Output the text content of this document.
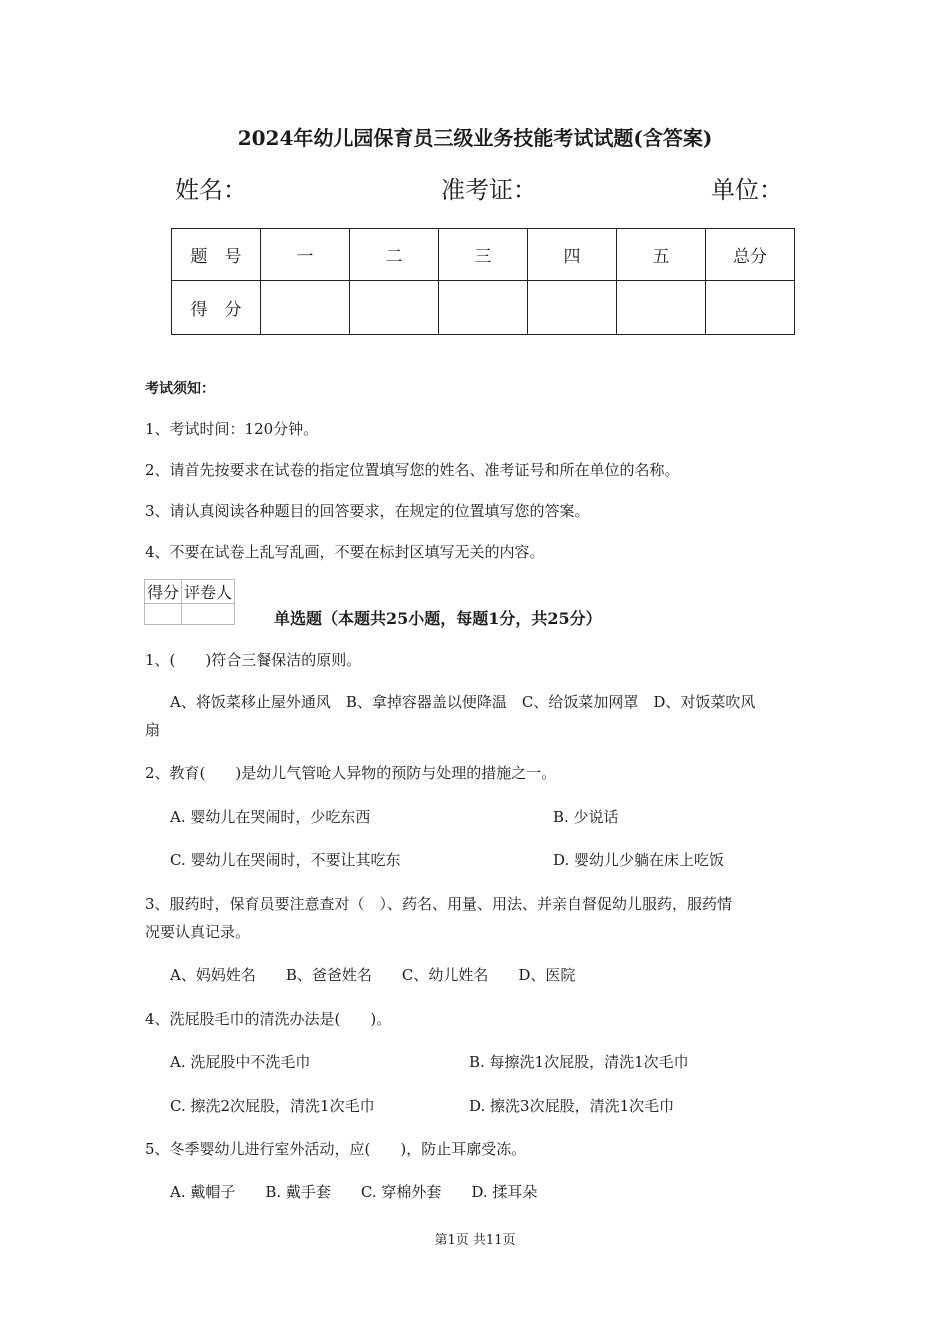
2024年幼儿园保育员三级业务技能考试试题(含答案)
姓名：	准考证：	单位：
题　号	一	二	三	四	五	总分
得　分						
考试须知：
1、考试时间：120分钟。
2、请首先按要求在试卷的指定位置填写您的姓名、准考证号和所在单位的名称。
3、请认真阅读各种题目的回答要求，在规定的位置填写您的答案。
4、不要在试卷上乱写乱画，不要在标封区填写无关的内容。
得分	评卷人

单选题（本题共25小题，每题1分，共25分）
1、(　　)符合三餐保洁的原则。
A、将饭菜移止屋外通风　B、拿掉容器盖以便降温　C、给饭菜加网罩　D、对饭菜吹风
扇
2、教育(　　)是幼儿气管呛人异物的预防与处理的措施之一。
A. 婴幼儿在哭闹时，少吃东西	B. 少说话
C. 婴幼儿在哭闹时，不要让其吃东	D. 婴幼儿少躺在床上吃饭
3、服药时，保育员要注意查对（　）、药名、用量、用法、并亲自督促幼儿服药，服药情
况要认真记录。
A、妈妈姓名　　B、爸爸姓名　　C、幼儿姓名　　D、医院
4、洗屁股毛巾的清洗办法是(　　)。
A. 洗屁股中不洗毛巾	B. 每擦洗1次屁股，清洗1次毛巾
C. 擦洗2次屁股，清洗1次毛巾	D. 擦洗3次屁股，清洗1次毛巾
5、冬季婴幼儿进行室外活动，应(　　)，防止耳廓受冻。
A. 戴帽子　　B. 戴手套　　C. 穿棉外套　　D. 揉耳朵
第1页 共11页
